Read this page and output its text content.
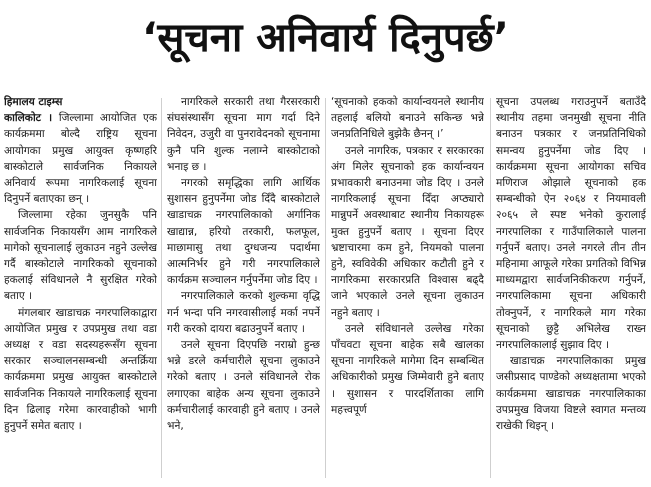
‘सूचना अनिवार्य दिनुपर्छ’

हिमालय टाइम्स
कालिकोट । जिल्लामा आयोजित एक कार्यक्रममा बोल्दै राष्ट्रिय सूचना आयोगका प्रमुख आयुक्त कृष्णहरि बास्कोटाले सार्वजनिक निकायले अनिवार्य रूपमा नागरिकलाई सूचना दिनुपर्ने बताएका छन् ।

जिल्लामा रहेका जुनसुकै पनि सार्वजनिक निकायसँग आम नागरिकले मागेको सूचनालाई लुकाउन नहुने उल्लेख गर्दै बास्कोटाले नागरिकको सूचनाको हकलाई संविधानले नै सुरक्षित गरेको बताए ।

मंगलबार खाडाचक्र नगरपालिकाद्वारा आयोजित प्रमुख र उपप्रमुख तथा वडा अध्यक्ष र वडा सदस्यहरूसँग सूचना सरकार सञ्चालनसम्बन्धी अन्तर्क्रिया कार्यक्रममा प्रमुख आयुक्त बास्कोटाले सार्वजनिक निकायले नागरिकलाई सूचना दिन ढिलाइ गरेमा कारवाहीको भागी हुनुपर्ने समेत बताए ।

नागरिकले सरकारी तथा गैरसरकारी संघसंस्थासँग सूचना माग गर्दा दिने निवेदन, उजुरी वा पुनरावेदनको सूचनामा कुनै पनि शुल्क नलाग्ने बास्कोटाको भनाइ छ ।

नगरको समृद्धिका लागि आर्थिक सुशासन हुनुपर्नेमा जोड दिँदै बास्कोटाले खाडाचक्र नगरपालिकाको अर्गानिक खाद्यान्न, हरियो तरकारी, फलफूल, माछामासु तथा दुग्धजन्य पदार्थमा आत्मनिर्भर हुने गरी नगरपालिकाले कार्यक्रम सञ्चालन गर्नुपर्नेमा जोड दिए ।

नगरपालिकाले करको शुल्कमा वृद्धि गर्न भन्दा पनि नगरवासीलाई मर्का नपर्ने गरी करको दायरा बढाउनुपर्ने बताए ।

उनले सूचना दिएपछि नराम्रो हुन्छ भन्ने डरले कर्मचारीले सूचना लुकाउने गरेको बताए । उनले संविधानले रोक लगाएका बाहेक अन्य सूचना लुकाउने कर्मचारीलाई कारवाही हुने बताए । उनले भने,

‘सूचनाको हकको कार्यान्वयनले स्थानीय तहलाई बलियो बनाउने सकिन्छ भन्ने जनप्रतिनिधिले बुझेकै छैनन् ।’

उनले नागरिक, पत्रकार र सरकारका अंग मिलेर सूचनाको हक कार्यान्वयन प्रभावकारी बनाउनमा जोड दिए । उनले नागरिकलाई सूचना दिँदा अप्ठ्यारो मान्नुपर्ने अवस्थाबाट स्थानीय निकायहरू मुक्त हुनुपर्ने बताए । सूचना दिएर भ्रष्टाचारमा कम हुने, नियमको पालना हुने, स्वविवेकी अधिकार कटौती हुने र नागरिकमा सरकारप्रति विश्वास बढ्दै जाने भएकाले उनले सूचना लुकाउन नहुने बताए ।

उनले संविधानले उल्लेख गरेका पाँचवटा सूचना बाहेक सबै खालका सूचना नागरिकले मागेमा दिन सम्बन्धित अधिकारीको प्रमुख जिम्मेवारी हुने बताए । सुशासन र पारदर्शिताका लागि महत्त्वपूर्ण

सूचना उपलब्ध गराउनुपर्ने बताउँदै स्थानीय तहमा जनमुखी सूचना नीति बनाउन पत्रकार र जनप्रतिनिधिको समन्वय हुनुपर्नेमा जोड दिए । कार्यक्रममा सूचना आयोगका सचिव मणिराज ओझाले सूचनाको हक सम्बन्धीको ऐन २०६४ र नियमावली २०६५ ले स्पष्ट भनेको कुरालाई नगरपालिका र गाउँपालिकाले पालना गर्नुपर्ने बताए। उनले नगरले तीन तीन महिनामा आफूले गरेका प्रगतिको विभिन्न माध्यमद्वारा सार्वजनिकीकरण गर्नुपर्ने, नगरपालिकामा सूचना अधिकारी तोक्नुपर्ने, र नागरिकले माग गरेका सूचनाको छुट्टै अभिलेख राख्न नगरपालिकालाई सुझाव दिए ।

खाडाचक्र नगरपालिकाका प्रमुख जसीप्रसाद पाण्डेको अध्यक्षतामा भएको कार्यक्रममा खाडाचक्र नगरपालिकाका उपप्रमुख विजया विष्टले स्वागत मन्तव्य राखेकी थिइन् ।
